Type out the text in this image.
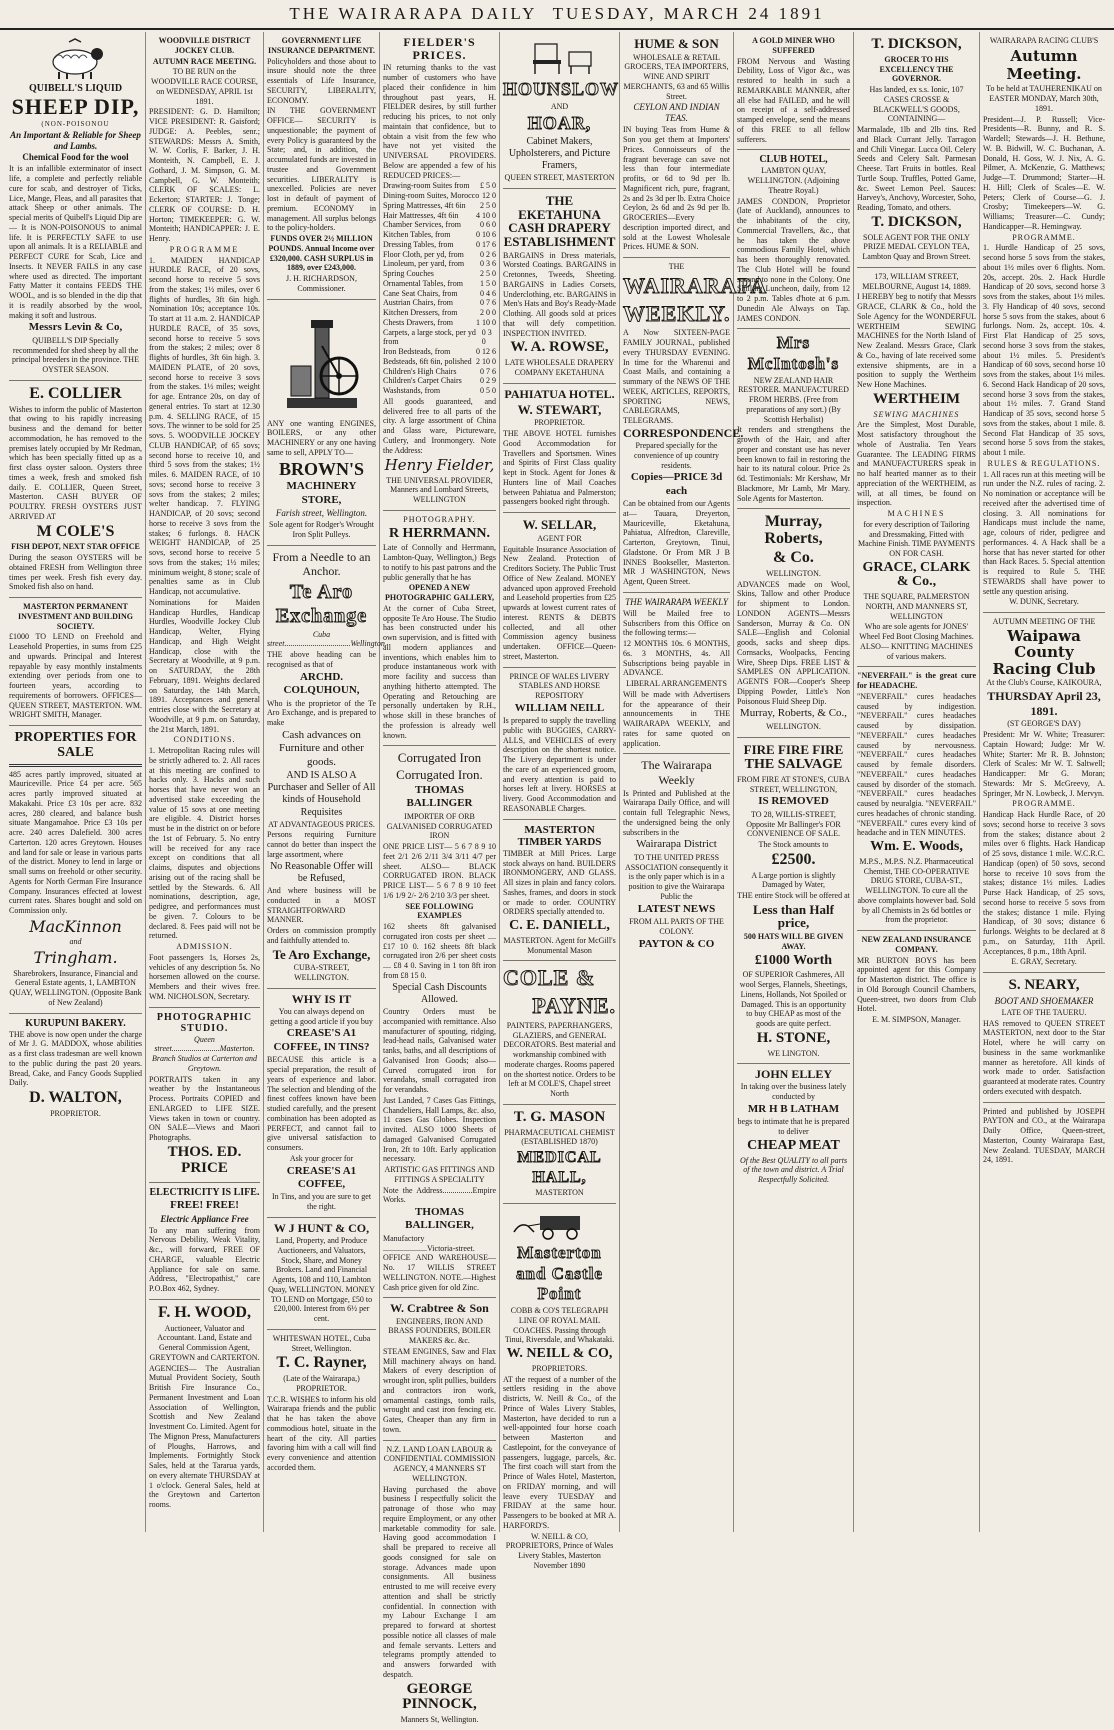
THE WAIRARAPA DAILY TUESDAY, MARCH 24 1891
QUIBELL'S LIQUID
SHEEP DIP,

(NON-POISONOU

An Important & Reliable for Sheep and Lambs.

Chemical Food for the wool

It is an infallible exterminator of insect life, a complete and perfectly reliable cure for scab, and destroyer of Ticks, Lice, Mange, Fleas, and all parasites that attack Sheep or other animals. The special merits of Quibell's Liquid Dip are— It is NON-POISONOUS to animal life. It is PERFECTLY SAFE to use upon all animals. It is a RELIABLE and PERFECT CURE for Scab, Lice and Insects. It NEVER FAILS in any case where used as directed. The important Fatty Matter it contains FEEDS THE WOOL, and is so blended in the dip that it is readily absorbed by the wool, making it soft and lustrous.

Messrs Levin & Co,

QUIBELL'S DIP Specially recommended for shed sheep by all the principal breeders in the province. THE OYSTER SEASON.

E. COLLIER

Wishes to inform the public of Masterton that owing to his rapidly increasing business and the demand for better accommodation, he has removed to the premises lately occupied by Mr Redman, which has been specially fitted up as a first class oyster saloon. Oysters three times a week, fresh and smoked fish daily. E. COLLIER, Queen Street, Masterton. CASH BUYER OF POULTRY. FRESH OYSTERS JUST ARRIVED AT

M COLE'S

FISH DEPOT, NEXT STAR OFFICE

During the season OYSTERS will be obtained FRESH from Wellington three times per week. Fresh fish every day. Smoked fish also on hand.

MASTERTON PERMANENT INVESTMENT AND BUILDING SOCIETY.

£1000 TO LEND on Freehold and Leasehold Properties, in sums from £25 and upwards. Principal and Interest repayable by easy monthly instalments extending over periods from one to fourteen years, according to requirements of borrowers. OFFICES—QUEEN STREET, MASTERTON. WM. WRIGHT SMITH, Manager.

PROPERTIES FOR SALE

485 acres partly improved, situated at Mauriceville. Price £4 per acre. 565 acres partly improved situated at Makakahi. Price £3 10s per acre. 832 acres, 280 cleared, and balance bush situate Mangamahoe. Price £3 10s per acre. 240 acres Dalefield. 300 acres Carterton. 120 acres Greytown. Houses and land for sale or lease in various parts of the district. Money to lend in large or small sums on freehold or other security. Agents for North German Fire Insurance Company. Insurances effected at lowest current rates. Shares bought and sold on Commission only.

MacKinnon

and

Tringham.

Sharebrokers, Insurance, Financial and General Estate agents, 1, LAMBTON QUAY, WELLINGTON. (Opposite Bank of New Zealand)

KURUPUNI BAKERY.

THE above is now open under the charge of Mr J. G. MADDOX, whose abilities as a first class tradesman are well known to the public during the past 20 years. Bread, Cake, and Fancy Goods Supplied Daily.

D. WALTON,

PROPRIETOR.

WOODVILLE DISTRICT JOCKEY CLUB.

AUTUMN RACE MEETING.

TO BE RUN on the WOODVILLE RACE COURSE, on WEDNESDAY, APRIL 1st 1891.

PRESIDENT: G. D. Hamilton; VICE PRESIDENT: R. Gaisford; JUDGE: A. Peebles, senr.; STEWARDS: Messrs A. Smith, W. W. Corlis, F. Barker, J. H. Monteith, N. Campbell, E. J. Gothard, J. M. Simpson, G. M. Campbell, G. W. Monteith; CLERK OF SCALES: L. Eckerton; STARTER: J. Tonge; CLERK OF COURSE: D. H. Horton; TIMEKEEPER: G. W. Monteith; HANDICAPPER: J. E. Henry.

PROGRAMME

1. MAIDEN HANDICAP HURDLE RACE, of 20 sovs, second horse to receive 5 sovs from the stakes; 1½ miles, over 6 flights of hurdles, 3ft 6in high. Nomination 10s; acceptance 10s. To start at 11 a.m. 2. HANDICAP HURDLE RACE, of 35 sovs, second horse to receive 5 sovs from the stakes; 2 miles; over 8 flights of hurdles, 3ft 6in high. 3. MAIDEN PLATE, of 20 sovs, second horse to receive 3 sovs from the stakes. 1½ miles; weight for age. Entrance 20s, on day of general entries. To start at 12.30 p.m. 4. SELLING RACE, of 15 sovs. The winner to be sold for 25 sovs. 5. WOODVILLE JOCKEY CLUB HANDICAP, of 65 sovs; second horse to receive 10, and third 5 sovs from the stakes; 1½ miles. 6. MAIDEN RACE, of 10 sovs; second horse to receive 3 sovs from the stakes; 2 miles; welter handicap. 7. FLYING HANDICAP, of 20 sovs; second horse to receive 3 sovs from the stakes; 6 furlongs. 8. HACK WEIGHT HANDICAP, of 25 sovs, second horse to receive 5 sovs from the stakes; 1½ miles; minimum weight, 8 stone; scale of penalties same as in Club Handicap, not accumulative.

Nominations for Maiden Handicap Hurdles, Handicap Hurdles, Woodville Jockey Club Handicap, Welter, Flying Handicap, and High Weight Handicap, close with the Secretary at Woodville, at 9 p.m. on SATURDAY, the 28th February, 1891. Weights declared on Saturday, the 14th March, 1891. Acceptances and general entries close with the Secretary at Woodville, at 9 p.m. on Saturday, the 21st March, 1891.

CONDITIONS.

1. Metropolitan Racing rules will be strictly adhered to. 2. All races at this meeting are confined to hacks only. 3. Hacks and such horses that have never won an advertised stake exceeding the value of 15 sovs at one meeting are eligible. 4. District horses must be in the district on or before the 1st of February. 5. No entry will be received for any race except on conditions that all claims, disputes and objections arising out of the racing shall be settled by the Stewards. 6. All nominations, description, age, pedigree, and performances must be given. 7. Colours to be declared. 8. Fees paid will not be returned.

ADMISSION.

Foot passengers 1s, Horses 2s, vehicles of any description 5s. No horsemen allowed on the course. Members and their wives free. WM. NICHOLSON, Secretary.

PHOTOGRAPHIC STUDIO.

Queen street........................Masterton. Branch Studios at Carterton and Greytown.

PORTRAITS taken in any weather by the Instantaneous Process. Portraits COPIED and ENLARGED to LIFE SIZE. Views taken in town or country. ON SALE—Views and Maori Photographs.

THOS. ED. PRICE
ELECTRICITY IS LIFE.

FREE! FREE!

Electric Appliance Free

To any man suffering from Nervous Debility, Weak Vitality, &c., will forward, FREE OF CHARGE, valuable Electric Appliance for sale on same. Address, "Electropathist," care P.O.Box 462, Sydney.

F. H. WOOD,

Auctioneer, Valuator and Accountant. Land, Estate and General Commission Agent, GREYTOWN and CARTERTON.

AGENCIES— The Australian Mutual Provident Society, South British Fire Insurance Co., Permanent Investment and Loan Association of Wellington, Scottish and New Zealand Investment Co. Limited. Agent for The Mignon Press, Manufacturers of Ploughs, Harrows, and Implements. Fortnightly Stock Sales, held at the Tararua yards, on every alternate THURSDAY at 1 o'clock. General Sales, held at the Greytown and Carterton rooms.

GOVERNMENT LIFE INSURANCE DEPARTMENT.

Policyholders and those about to insure should note the three essentials of Life Insurance, SECURITY, LIBERALITY, ECONOMY.

IN THE GOVERNMENT OFFICE— SECURITY is unquestionable; the payment of every Policy is guaranteed by the State; and, in addition, the accumulated funds are invested in trustee and Government securities. LIBERALITY is unexcelled. Policies are never lost in default of payment of premium. ECONOMY in management. All surplus belongs to the policy-holders.

FUNDS OVER 2½ MILLION POUNDS. Annual Income over £320,000. CASH SURPLUS in 1889, over £243,000.

J. H. RICHARDSON, Commissioner.

ANY one wanting ENGINES, BOILERS, or any other MACHINERY or any one having same to sell, APPLY TO—

BROWN'S

MACHINERY STORE,

Farish street, Wellington.

Sole agent for Rodger's Wrought Iron Split Pulleys.

From a Needle to an Anchor.

Te Aro Exchange

Cuba street.................................Wellington.

THE above heading can be recognised as that of

ARCHD. COLQUHOUN,

Who is the proprietor of the Te Aro Exchange, and is prepared to make

Cash advances on Furniture and other goods.

AND IS ALSO A Purchaser and Seller of All kinds of Household Requisites

AT ADVANTAGEOUS PRICES.

Persons requiring Furniture cannot do better than inspect the large assortment, where

No Reasonable Offer will be Refused,

And where business will be conducted in a MOST STRAIGHTFORWARD MANNER.

Orders on commission promptly and faithfully attended to.

Te Aro Exchange,

CUBA-STREET, WELLINGTON.

WHY IS IT

You can always depend on getting a good article if you buy

CREASE'S A1 COFFEE, IN TINS?

BECAUSE this article is a special preparation, the result of years of experience and labor. The selection and blending of the finest coffees known have been studied carefully, and the present combination has been adopted as PERFECT, and cannot fail to give universal satisfaction to consumers.

Ask your grocer for

CREASE'S A1 COFFEE,

In Tins, and you are sure to get the right.

W J HUNT & CO,

Land, Property, and Produce Auctioneers, and Valuators, Stock, Share, and Money Brokers. Land and Financial Agents, 108 and 110, Lambton Quay, WELLINGTON. MONEY TO LEND on Mortgage, £50 to £20,000. Interest from 6½ per cent.

WHITESWAN HOTEL, Cuba Street, Wellington.

T. C. Rayner,

(Late of the Wairarapa,) PROPRIETOR.

T.C.R. WISHES to inform his old Wairarapa friends and the public that he has taken the above commodious hotel, situate in the heart of the city. All parties favoring him with a call will find every convenience and attention accorded them.

FIELDER'S PRICES.

IN returning thanks to the vast number of customers who have placed their confidence in him throughout past years, H. FIELDER desires, by still further reducing his prices, to not only maintain that confidence, but to obtain a visit from the few who have not yet visited the UNIVERSAL PROVIDERS. Below are appended a few of his REDUCED PRICES:—

Drawing-room Suites from £ 5 0
Dining-room Suites, Morocco 12 0
Spring Mattresses, 4ft 6in 2 5 0
Hair Mattresses, 4ft 6in 4 10 0
Chamber Services, from 0 6 0
Kitchen Tables, from	0 10 6
Dressing Tables, from	0 17 6
Floor Cloth, per yd, from 0 2 6
Linoleum, per yard, from 0 3 6
Spring Couches	2 5 0
Ornamental Tables, from 1 5 0
Cane Seat Chairs, from	0 4 6
Austrian Chairs, from	0 7 6
Kitchen Dressers, from	2 0 0
Chests Drawers, from	1 10 0
Carpets, a large stock, per yd from
0 3 0
Iron Bedsteads, from	0 12 6
Bedsteads, 6ft 6in, polished 2 10 0
Children's High Chairs	0 7 6
Children's Carpet Chairs 0 2 9
Washstands, from	0 5 0

All goods guaranteed, and delivered free to all parts of the city. A large assortment of China and Glass ware, Pictureware, Cutlery, and Ironmongery. Note the Address:

Henry Fielder,

THE UNIVERSAL PROVIDER, Manners and Lombard Streets, WELLINGTON

PHOTOGRAPHY.

R HERRMANN.

Late of Connolly and Herrmann, Lambton-Quay, Wellington,) Begs to notify to his past patrons and the public generally that he has

OPENED A NEW PHOTOGRAPHIC GALLERY,

At the corner of Cuba Street, opposite Te Aro House. The Studio has been constructed under his own supervision, and is fitted with all modern appliances and inventions, which enables him to produce instantaneous work with more facility and success than anything hitherto attempted. The Operating and Retouching are personally undertaken by R.H., whose skill in these branches of the profession is already well known.

Corrugated Iron

Corrugated Iron.

THOMAS BALLINGER

IMPORTER OF ORB GALVANISED CORRUGATED IRON

ONE PRICE LIST— 5 6 7 8 9 10 feet 2/1 2/6 2/11 3/4 3/11 4/7 per sheet. ALSO— BLACK CORRUGATED IRON. BLACK PRICE LIST— 5 6 7 8 9 10 feet 1/6 1/9 2/- 2/6 2/10 3/3 per sheet.

SEE FOLLOWING EXAMPLES

162 sheets 8ft galvanised corrugated iron costs per sheet .... £17 10 0. 162 sheets 8ft black corrugated iron 2/6 per sheet costs .... £8 4 0. Saving in 1 ton 8ft iron from £8 15 0.

Special Cash Discounts Allowed.

Country Orders must be accompanied with remittance. Also manufacturer of spouting, ridging, lead-head nails, Galvanised water tanks, baths, and all descriptions of Galvanised Iron Goods; also—Curved corrugated iron for verandahs, small corrugated iron for verandahs.

Just Landed, 7 Cases Gas Fittings, Chandeliers, Hall Lamps, &c. also, 11 cases Gas Globes. Inspection invited. ALSO 1000 Sheets of damaged Galvanised Corrugated Iron, 2ft to 10ft. Early application necessary.

ARTISTIC GAS FITTINGS AND FITTINGS A SPECIALITY

Note the Address...............Empire Works.

THOMAS BALLINGER,

Manufactory ......................Victoria-street. OFFICE AND WAREHOUSE— No. 17 WILLIS STREET WELLINGTON. NOTE.—Highest Cash price given for old Zinc.

W. Crabtree & Son

ENGINEERS, IRON AND BRASS FOUNDERS, BOILER MAKERS &c. &c.

STEAM ENGINES, Saw and Flax Mill machinery always on hand. Makers of every description of wrought iron, split pullies, builders and contractors iron work, ornamental castings, tomb rails, wrought and cast iron fencing etc. Gates, Cheaper than any firm in town.

N.Z. LAND LOAN LABOUR & CONFIDENTIAL COMMISSION AGENCY, 4 MANNERS ST WELLINGTON.

Having purchased the above business I respectfully solicit the patronage of those who may require Employment, or any other marketable commodity for sale. Having good accommodation I shall be prepared to receive all goods consigned for sale on storage. Advances made upon consignments. All business entrusted to me will receive every attention and shall be strictly confidential. In connection with my Labour Exchange I am prepared to forward at shortest possible notice all classes of male and female servants. Letters and telegrams promptly attended to and answers forwarded with despatch.

GEORGE PINNOCK,

Manners St, Wellington.

HOUNSLOW

AND

HOAR,

Cabinet Makers, Upholsterers, and Picture Framers,

QUEEN STREET, MASTERTON

THE EKETAHUNA CASH DRAPERY ESTABLISHMENT

BARGAINS in Dress materials, Worsted Coatings. BARGAINS in Cretonnes, Tweeds, Sheeting. BARGAINS in Ladies Corsets, Underclothing, etc. BARGAINS in Men's Hats and Boy's Ready-Made Clothing. All goods sold at prices that will defy competition. INSPECTION INVITED.

W. A. ROWSE,

LATE WHOLESALE DRAPERY COMPANY EKETAHUNA

PAHIATUA HOTEL.
W. STEWART,

PROPRIETOR.

THE ABOVE HOTEL furnishes Good Accommodation for Travellers and Sportsmen. Wines and Spirits of First Class quality kept in Stock. Agent for Jones & Hunters line of Mail Coaches between Pahiatua and Palmerston; passengers booked right through.

W. SELLAR,

AGENT FOR

Equitable Insurance Association of New Zealand. Protection of Creditors Society. The Public Trust Office of New Zealand. MONEY advanced upon approved Freehold and Leasehold properties from £25 upwards at lowest current rates of interest. RENTS & DEBTS collected, and all other Commission agency business undertaken. OFFICE—Queen-street, Masterton.

PRINCE OF WALES LIVERY STABLES AND HORSE REPOSITORY

WILLIAM NEILL

Is prepared to supply the travelling public with BUGGIES, CARRY-ALLS, and VEHICLES of every description on the shortest notice. The Livery department is under the care of an experienced groom, and every attention is paid to horses left at livery. HORSES at livery. Good Accommodation and REASONABLE Charges.

MASTERTON TIMBER YARDS

TIMBER at Mill Prices. Large stock always on hand. BUILDERS IRONMONGERY, AND GLASS. All sizes in plain and fancy colors. Sashes, frames, and doors in stock or made to order. COUNTRY ORDERS specially attended to.

C. E. DANIELL,

MASTERTON. Agent for McGill's Monumental Mason

COLE &

PAYNE.

PAINTERS, PAPERHANGERS, GLAZIERS, and GENERAL DECORATORS. Best material and workmanship combined with moderate charges. Rooms papered on the shortest notice. Orders to be left at M COLE'S, Chapel street North

T. G. MASON

PHARMACEUTICAL CHEMIST (ESTABLISHED 1870)

MEDICAL HALL,

MASTERTON

Masterton and Castle Point

COBB & CO'S TELEGRAPH LINE OF ROYAL MAIL COACHES. Passing through Tinui, Riversdale, and Whakataki.

W. NEILL & CO,

PROPRIETORS.

AT the request of a number of the settlers residing in the above districts, W. Neill & Co., of the Prince of Wales Livery Stables, Masterton, have decided to run a well-appointed four horse coach between Masterton and Castlepoint, for the conveyance of passengers, luggage, parcels, &c. The first coach will start from the Prince of Wales Hotel, Masterton, on FRIDAY morning, and will leave every TUESDAY and FRIDAY at the same hour. Passengers to be booked at MR A. HARFORD'S.

W. NEILL & CO, PROPRIETORS, Prince of Wales Livery Stables, Masterton November 1890

HUME & SON

WHOLESALE & RETAIL GROCERS, TEA IMPORTERS, WINE AND SPIRIT MERCHANTS, 63 and 65 Willis Street.

CEYLON AND INDIAN TEAS.

IN buying Teas from Hume & Son you get them at Importers' Prices. Connoisseurs of the fragrant beverage can save not less than four intermediate profits, or 6d to 9d per lb. Magnificent rich, pure, fragrant, 2s and 2s 3d per lb. Extra Choice Ceylon, 2s 6d and 2s 9d per lb. GROCERIES—Every description imported direct, and sold at the Lowest Wholesale Prices. HUME & SON.

THE

WAIRARAPA

WEEKLY.

A Now SIXTEEN-PAGE FAMILY JOURNAL, published every THURSDAY EVENING. In time for the Wharenui and Coast Mails, and containing a summary of the NEWS OF THE WEEK, ARTICLES, REPORTS, SPORTING NEWS, CABLEGRAMS, TELEGRAMS.

CORRESPONDENCE.

Prepared specially for the convenience of up country residents.

Copies—PRICE 3d each

Can be obtained from our Agents at— Tauara, Dreyerton, Mauriceville, Eketahuna, Pahiatua, Alfredton, Clareville, Carterton, Greytown, Tinui, Gladstone. Or From MR J B INNES Bookseller, Masterton. MR J WASHINGTON, News Agent, Queen Street.

THE WAIRARAPA WEEKLY

Will be Mailed free to Subscribers from this Office on the following terms:—

12 MONTHS 10s. 6 MONTHS, 6s. 3 MONTHS, 4s. All Subscriptions being payable in ADVANCE.

LIBERAL ARRANGEMENTS

Will be made with Advertisers for the appearance of their announcements in THE WAIRARAPA WEEKLY, and rates for same quoted on application.

The Wairarapa Weekly

Is Printed and Published at the Wairarapa Daily Office, and will contain full Telegraphic News, the undersigned being the only subscribers in the

Wairarapa District

TO THE UNITED PRESS ASSOCIATION consequently it is the only paper which is in a position to give the Wairarapa Public the

LATEST NEWS

FROM ALL PARTS OF THE COLONY.

PAYTON & CO

A GOLD MINER WHO SUFFERED

FROM Nervous and Wasting Debility, Loss of Vigor &c., was restored to health in such a REMARKABLE MANNER, after all else had FAILED, and he will on receipt of a self-addressed stamped envelope, send the means of this FREE to all fellow sufferers.

CLUB HOTEL,

LAMBTON QUAY, WELLINGTON. (Adjoining Theatre Royal.)

JAMES CONDON, Proprietor (late of Auckland), announces to the inhabitants of the city, Commercial Travellers, &c., that he has taken the above commodious Family Hotel, which has been thoroughly renovated. The Club Hotel will be found second to none in the Colony. One Shilling Luncheon, daily, from 12 to 2 p.m. Tables d'hote at 6 p.m. Dunedin Ale Always on Tap. JAMES CONDON.

Mrs McIntosh's

NEW ZEALAND HAIR RESTORER. MANUFACTURED FROM HERBS. (Free from preparations of any sort.) (By Scottish Herbalist)

It renders and strengthens the growth of the Hair, and after proper and constant use has never been known to fail in restoring the hair to its natural colour. Price 2s 6d. Testimonials: Mr Kershaw, Mr Blackmore, Mr Lamb, Mr Mary. Sole Agents for Masterton.

Murray, Roberts,
& Co.

WELLINGTON.

ADVANCES made on Wool, Skins, Tallow and other Produce for shipment to London. LONDON AGENTS—Messrs Sanderson, Murray & Co. ON SALE—English and Colonial goods, sacks and sheep dips. Cornsacks, Woolpacks, Fencing Wire, Sheep Dips. FREE LIST & SAMPLES ON APPLICATION. AGENTS FOR—Cooper's Sheep Dipping Powder, Little's Non Poisonous Fluid Sheep Dip.

Murray, Roberts, & Co.,

WELLINGTON.

FIRE FIRE FIRE
THE SALVAGE

FROM FIRE AT STONE'S, CUBA STREET, WELLINGTON,

IS REMOVED

TO 28, WILLIS-STREET, Opposite Mr Ballinger's FOR CONVENIENCE OF SALE.

The Stock amounts to

£2500.

A Large portion is slightly Damaged by Water,

THE entire Stock will be offered at

Less than Half price,

500 HATS WILL BE GIVEN AWAY.

£1000 Worth

OF SUPERIOR Cashmeres, All wool Serges, Flannels, Sheetings, Linens, Hollands, Not Spoiled or Damaged. This is an opportunity to buy CHEAP as most of the goods are quite perfect.

H. STONE,

WE LINGTON.

JOHN ELLEY

In taking over the business lately conducted by

MR H B LATHAM

begs to intimate that he is prepared to deliver

CHEAP MEAT

Of the Best QUALITY to all parts of the town and district. A Trial Respectfully Solicited.

T. DICKSON,

GROCER TO HIS EXCELLENCY THE GOVERNOR.

Has landed, ex s.s. Ionic, 107 CASES CROSSE & BLACKWELL'S GOODS, CONTAINING—

Marmalade, 1lb and 2lb tins. Red and Black Currant Jelly. Tarragon and Chili Vinegar. Lucca Oil. Celery Seeds and Celery Salt. Parmesan Cheese. Tart Fruits in bottles. Real Turtle Soup. Truffles, Potted Game, &c. Sweet Lemon Peel. Sauces: Harvey's, Anchovy, Worcester, Soho, Reading, Tomato, and others.

T. DICKSON,

SOLE AGENT FOR THE ONLY PRIZE MEDAL CEYLON TEA, Lambton Quay and Brown Street.

173, WILLIAM STREET, MELBOURNE, August 14, 1889.

I HEREBY beg to notify that Messrs GRACE, CLARK & Co., hold the Sole Agency for the WONDERFUL WERTHEIM SEWING MACHINES for the North Island of New Zealand. Messrs Grace, Clark & Co., having of late received some extensive shipments, are in a position to supply the Wertheim New Hone Machines.

WERTHEIM

SEWING MACHINES

Are the Simplest, Most Durable, Most satisfactory throughout the whole of Australia. Ten Years Guarantee. The LEADING FIRMS and MANUFACTURERS speak in no half hearted manner as to their appreciation of the WERTHEIM, as will, at all times, be found on inspection.

MACHINES

for every description of Tailoring and Dressmaking, Fitted with Machine Finish. TIME PAYMENTS ON FOR CASH.

GRACE, CLARK & Co.,

THE SQUARE, PALMERSTON NORTH, AND MANNERS ST, WELLINGTON

Who are sole agents for JONES' Wheel Fed Boot Closing Machines. ALSO— KNITTING MACHINES of various makers.

"NEVERFAIL" is the great cure for HEADACHE.

"NEVERFAIL" cures headaches caused by indigestion. "NEVERFAIL" cures headaches caused by dissipation. "NEVERFAIL" cures headaches caused by nervousness. "NEVERFAIL" cures headaches caused by female disorders. "NEVERFAIL" cures headaches caused by disorder of the stomach. "NEVERFAIL" cures headaches caused by neuralgia. "NEVERFAIL" cures headaches of chronic standing. "NEVERFAIL" cures every kind of headache and in TEN MINUTES.

Wm. E. Woods,

M.P.S., M.P.S. N.Z. Pharmaceutical Chemist, THE CO-OPERATIVE DRUG STORE, CUBA-ST., WELLINGTON. To cure all the above complaints however bad. Sold by all Chemists in 2s 6d bottles or from the proprietor.

NEW ZEALAND INSURANCE COMPANY.

MR BURTON BOYS has been appointed agent for this Company for Masterton district. The office is in Old Borough Council Chambers, Queen-street, two doors from Club Hotel.

E. M. SIMPSON, Manager.

WAIRARAPA RACING CLUB'S

Autumn Meeting.

To be held at TAUHERENIKAU on EASTER MONDAY, March 30th, 1891.

President—J. P. Russell; Vice-Presidents—R. Bunny, and R. S. Wardell; Stewards—J. H. Bethune, W. B. Bidwill, W. C. Buchanan, A. Donald, H. Goss, W. J. Nix, A. G. Pilmer, A. McKenzie, G. Matthews; Judge—T. Drummond; Starter—H. H. Hill; Clerk of Scales—E. W. Peters; Clerk of Course—G. J. Crosby; Timekeepers—W. G. Williams; Treasurer—C. Cundy; Handicapper—R. Hemingway.

PROGRAMME.

1. Hurdle Handicap of 25 sovs, second horse 5 sovs from the stakes, about 1½ miles over 6 flights. Nom. 20s, accept. 20s. 2. Hack Hurdle Handicap of 20 sovs, second horse 3 sovs from the stakes, about 1½ miles. 3. Fly Handicap of 40 sovs, second horse 5 sovs from the stakes, about 6 furlongs. Nom. 2s, accept. 10s. 4. First Flat Handicap of 25 sovs, second horse 3 sovs from the stakes, about 1½ miles. 5. President's Handicap of 60 sovs, second horse 10 sovs from the stakes, about 1½ miles. 6. Second Hack Handicap of 20 sovs, second horse 3 sovs from the stakes, about 1½ miles. 7. Grand Stand Handicap of 35 sovs, second horse 5 sovs from the stakes, about 1 mile. 8. Second Flat Handicap of 35 sovs, second horse 5 sovs from the stakes, about 1 mile.

RULES & REGULATIONS.

1. All races run at this meeting will be run under the N.Z. rules of racing. 2. No nomination or acceptance will be received after the advertised time of closing. 3. All nominations for Handicaps must include the name, age, colours of rider, pedigree and performances. 4. A Hack shall be a horse that has never started for other than Hack Races. 5. Special attention is required to Rule 5. THE STEWARDS shall have power to settle any question arising.

W. DUNK, Secretary.

AUTUMN MEETING OF THE

Waipawa County Racing Club

At the Club's Course, KAIKOURA,

THURSDAY April 23, 1891.

(ST GEORGE'S DAY)

President: Mr W. White; Treasurer: Captain Howard; Judge: Mr W. White; Starter: Mr R. B. Johnston; Clerk of Scales: Mr W. T. Saltwell; Handicapper: Mr G. Moran; Stewards: Mr S. McGreevy, A. Springer, Mr N. Lowbeck, J. Mervyn.

PROGRAMME.

Handicap Hack Hurdle Race, of 20 sovs; second horse to receive 3 sovs from the stakes; distance about 2 miles over 6 flights. Hack Handicap of 25 sovs, distance 1 mile. W.C.R.C. Handicap (open) of 50 sovs, second horse to receive 10 sovs from the stakes; distance 1½ miles. Ladies Purse Hack Handicap, of 25 sovs, second horse to receive 5 sovs from the stakes; distance 1 mile. Flying Handicap, of 30 sovs; distance 6 furlongs. Weights to be declared at 8 p.m., on Saturday, 11th April. Acceptances, 8 p.m., 18th April.

E. GRAY, Secretary.

S. NEARY,

BOOT AND SHOEMAKER

LATE OF THE TAUERU.

HAS removed to QUEEN STREET MASTERTON, next door to the Star Hotel, where he will carry on business in the same workmanlike manner as heretofore. All kinds of work made to order. Satisfaction guaranteed at moderate rates. Country orders executed with despatch.

Printed and published by JOSEPH PAYTON and CO., at the Wairarapa Daily Office, Queen-street, Masterton, County Wairarapa East, New Zealand. TUESDAY, MARCH 24, 1891.
